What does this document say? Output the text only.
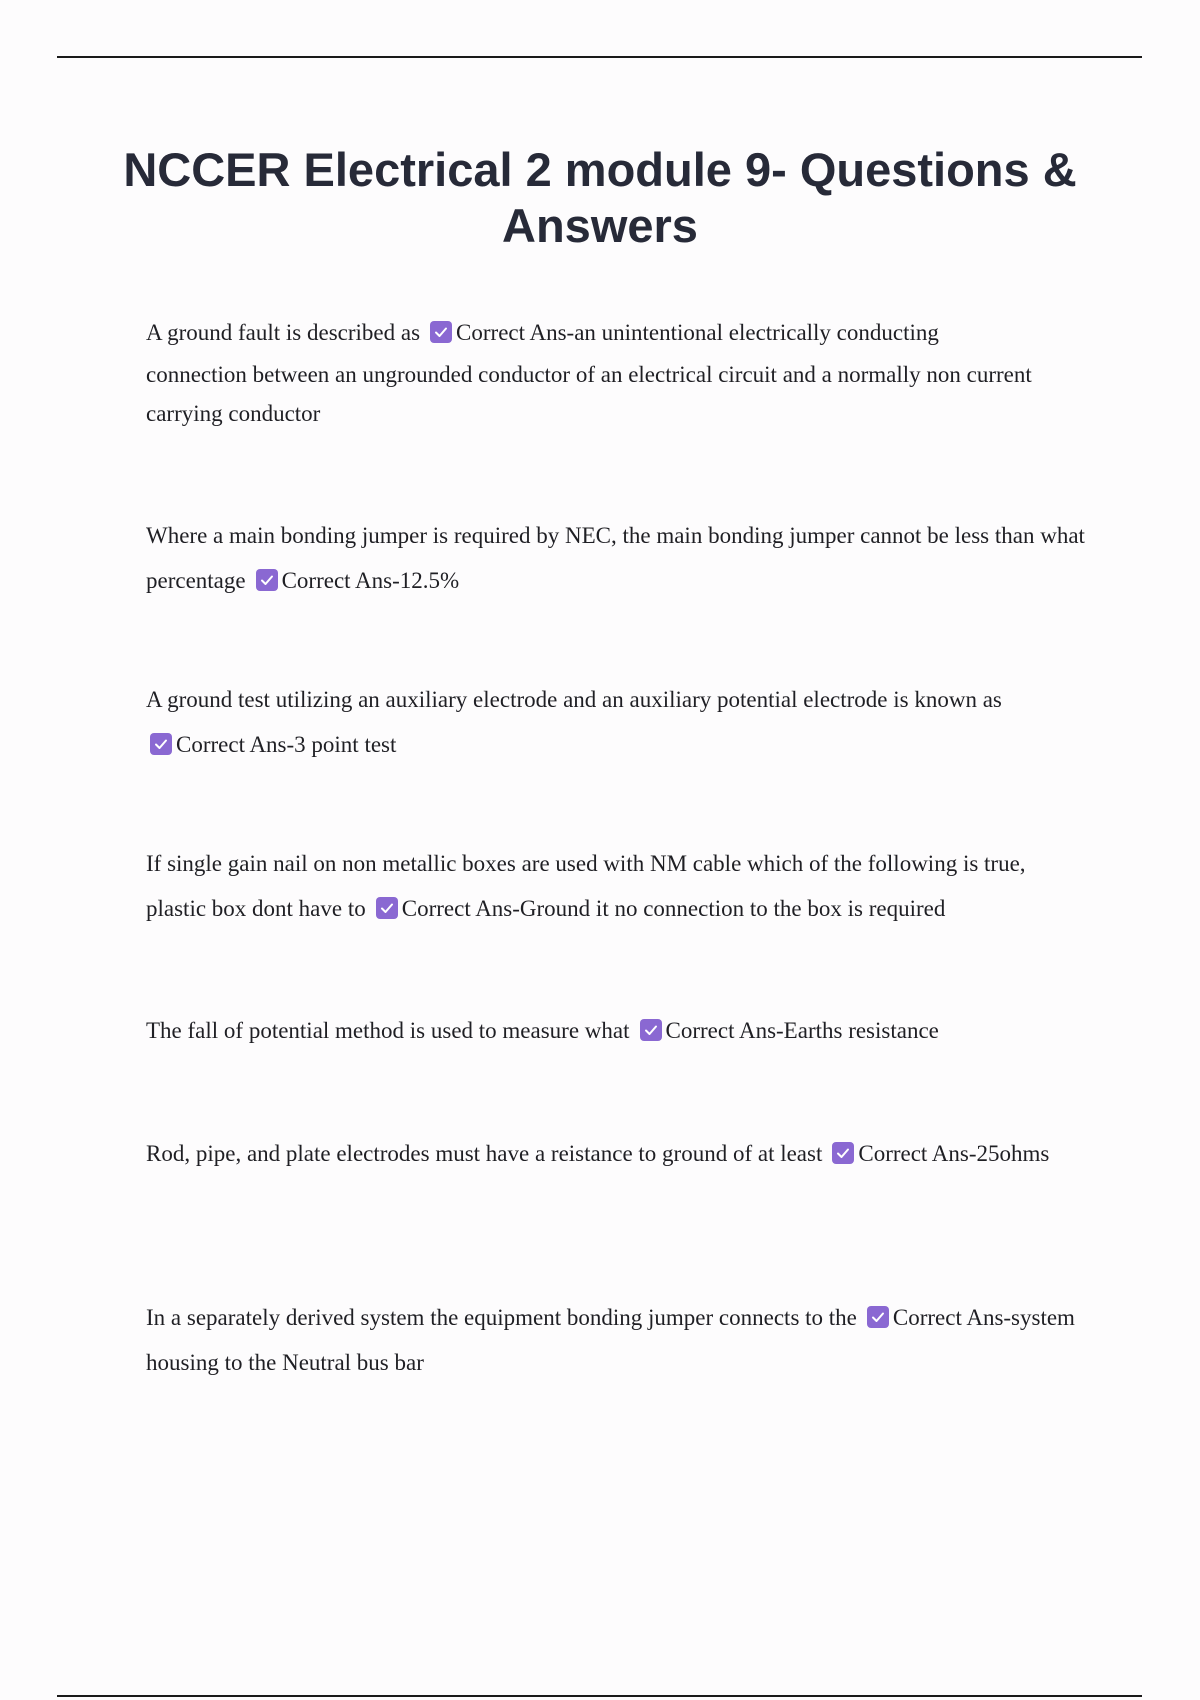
NCCER Electrical 2 module 9- Questions & Answers

A ground fault is described as Correct Ans-an unintentional electrically conducting
connection between an ungrounded conductor of an electrical circuit and a normally non current carrying conductor

Where a main bonding jumper is required by NEC, the main bonding jumper cannot be less than what percentage Correct Ans-12.5%

A ground test utilizing an auxiliary electrode and an auxiliary potential electrode is known as

Correct Ans-3 point test

If single gain nail on non metallic boxes are used with NM cable which of the following is true, plastic box dont have to Correct Ans-Ground it no connection to the box is required

The fall of potential method is used to measure what Correct Ans-Earths resistance

Rod, pipe, and plate electrodes must have a reistance to ground of at least Correct Ans-25ohms

In a separately derived system the equipment bonding jumper connects to the Correct Ans-system housing to the Neutral bus bar
